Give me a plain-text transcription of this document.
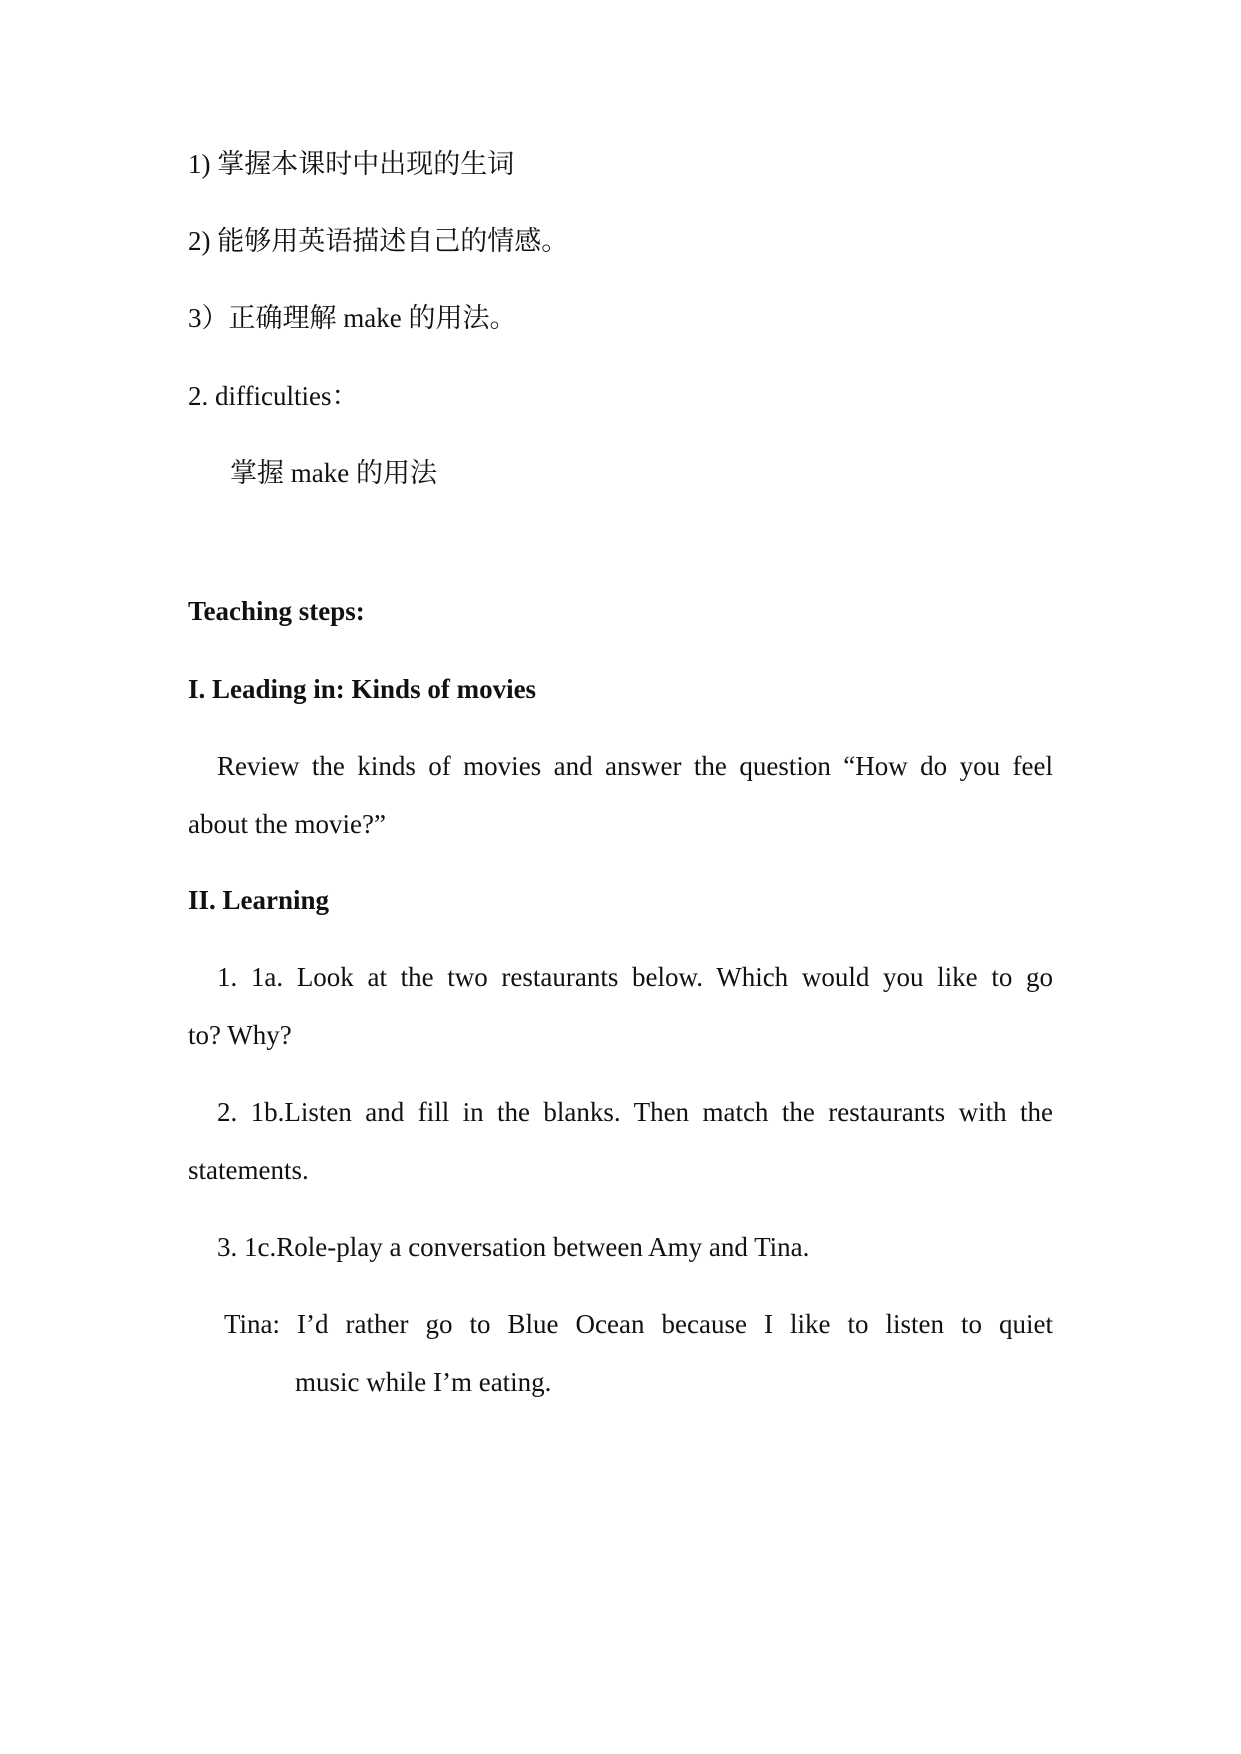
1) 掌握本课时中出现的生词
2) 能够用英语描述自己的情感。
3）正确理解 make 的用法。
2. difficulties：
掌握 make 的用法
Teaching steps:
I. Leading in: Kinds of movies
Review the kinds of movies and answer the question “How do you feel
about the movie?”
II. Learning
1. 1a. Look at the two restaurants below. Which would you like to go
to? Why?
2. 1b.Listen and fill in the blanks. Then match the restaurants with the
statements.
3. 1c.Role-play a conversation between Amy and Tina.
Tina: I’d rather go to Blue Ocean because I like to listen to quiet
music while I’m eating.
